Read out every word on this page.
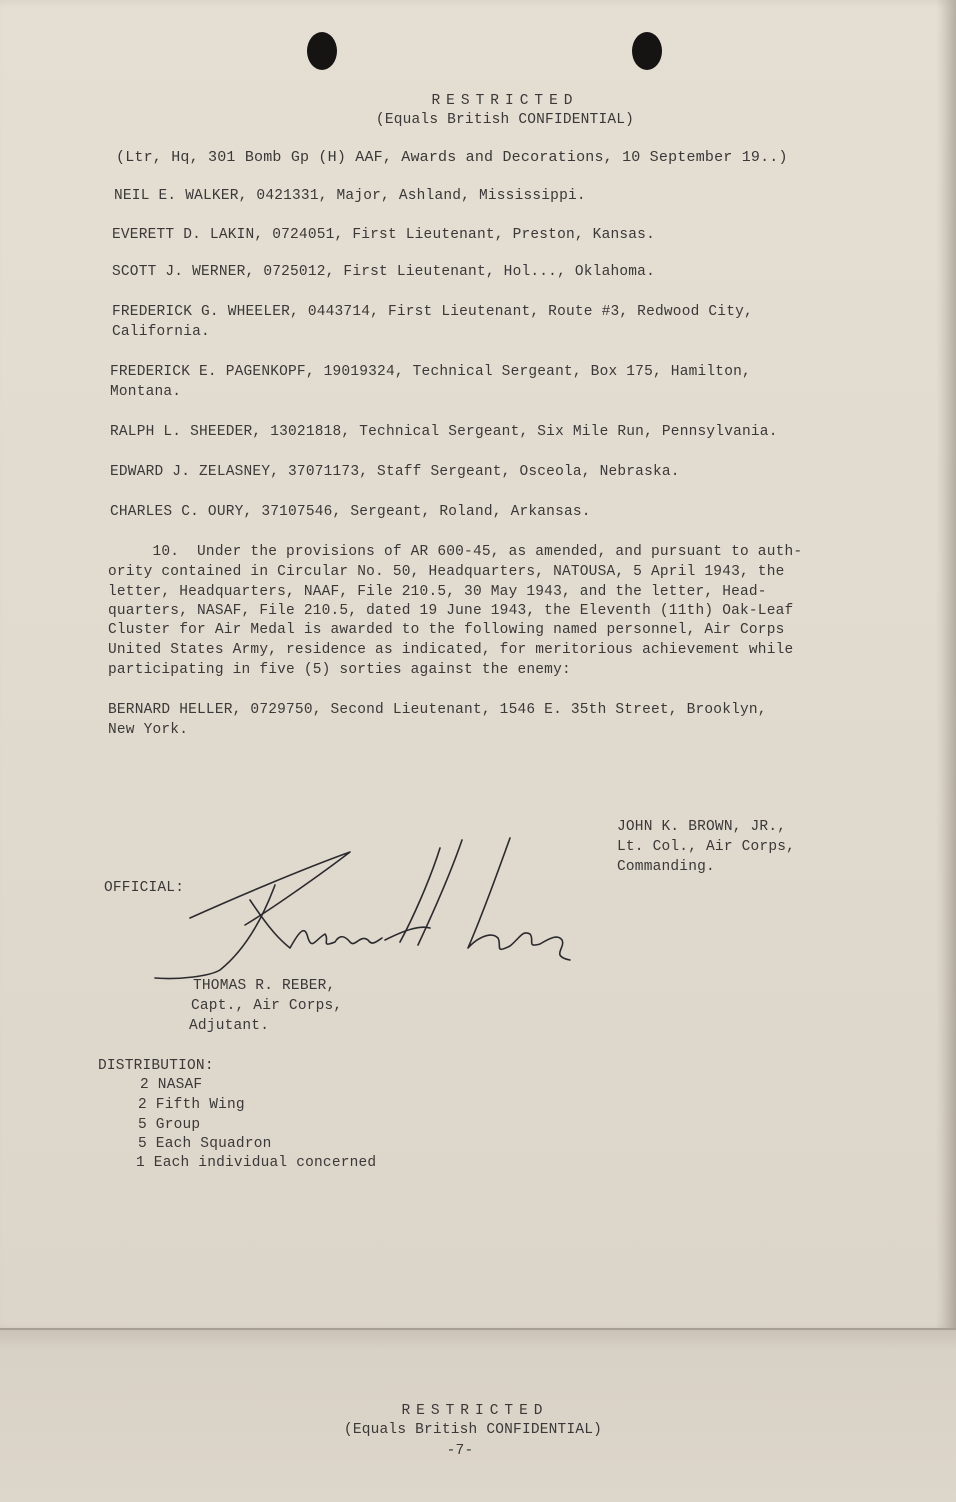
RESTRICTED
(Equals British CONFIDENTIAL)
(Ltr, Hq, 301 Bomb Gp (H) AAF, Awards and Decorations, 10 September 19..)
NEIL E. WALKER, 0421331, Major, Ashland, Mississippi.
EVERETT D. LAKIN, 0724051, First Lieutenant, Preston, Kansas.
SCOTT J. WERNER, 0725012, First Lieutenant, Hol..., Oklahoma.
FREDERICK G. WHEELER, 0443714, First Lieutenant, Route #3, Redwood City,
California.
FREDERICK E. PAGENKOPF, 19019324, Technical Sergeant, Box 175, Hamilton,
Montana.
RALPH L. SHEEDER, 13021818, Technical Sergeant, Six Mile Run, Pennsylvania.
EDWARD J. ZELASNEY, 37071173, Staff Sergeant, Osceola, Nebraska.
CHARLES C. OURY, 37107546, Sergeant, Roland, Arkansas.
10.  Under the provisions of AR 600-45, as amended, and pursuant to auth-
ority contained in Circular No. 50, Headquarters, NATOUSA, 5 April 1943, the
letter, Headquarters, NAAF, File 210.5, 30 May 1943, and the letter, Head-
quarters, NASAF, File 210.5, dated 19 June 1943, the Eleventh (11th) Oak-Leaf
Cluster for Air Medal is awarded to the following named personnel, Air Corps
United States Army, residence as indicated, for meritorious achievement while
participating in five (5) sorties against the enemy:
BERNARD HELLER, 0729750, Second Lieutenant, 1546 E. 35th Street, Brooklyn,
New York.
JOHN K. BROWN, JR.,
Lt. Col., Air Corps,
Commanding.
OFFICIAL:
THOMAS R. REBER,
Capt., Air Corps,
Adjutant.
DISTRIBUTION:
2 NASAF
2 Fifth Wing
5 Group
5 Each Squadron
1 Each individual concerned
RESTRICTED
(Equals British CONFIDENTIAL)
-7-
